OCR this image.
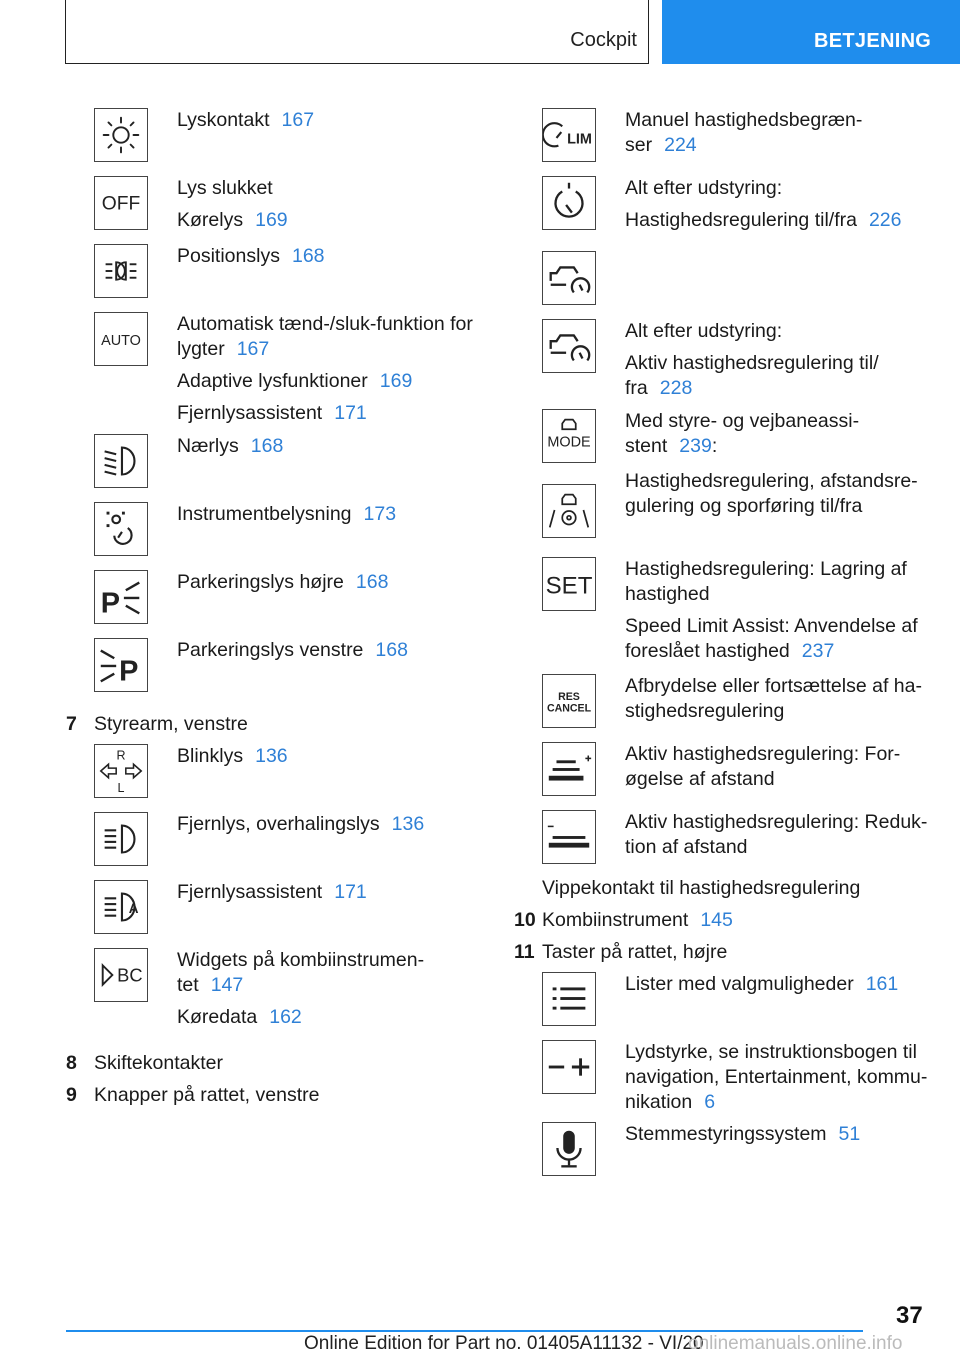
Cockpit	BETJENING
Lyskontakt 167
OFF
Lys slukket
Kørelys 169
Positionslys 168
AUTO
Automatisk tænd-/sluk-funktion for
lygter 167
Adaptive lysfunktioner 169
Fjernlysassistent 171
Nærlys 168
Instrumentbelysning 173
P
Parkeringslys højre 168
P
Parkeringslys venstre 168
7 Styrearm, venstre
R
L
Blinklys 136
Fjernlys, overhalingslys 136
A
Fjernlysassistent 171
BC
Widgets på kombiinstrumen-
tet 147
Køredata 162
8 Skiftekontakter
9 Knapper på rattet, venstre
LIM
Manuel hastighedsbegræn-
ser 224
Alt efter udstyring:
Hastighedsregulering til/fra 226
Alt efter udstyring:
Aktiv hastighedsregulering til/
fra 228
MODE
Med styre- og vejbaneassi-
stent 239:
Hastighedsregulering, afstandsre-
gulering og sporføring til/fra
SET
Hastighedsregulering: Lagring af
hastighed
Speed Limit Assist: Anvendelse af
foreslået hastighed 237
RES
CANCEL
Afbrydelse eller fortsættelse af ha-
stighedsregulering
Aktiv hastighedsregulering: For-
øgelse af afstand
Aktiv hastighedsregulering: Reduk-
tion af afstand
Vippekontakt til hastighedsregulering
10 Kombiinstrument 145
11 Taster på rattet, højre
Lister med valgmuligheder 161
Lydstyrke, se instruktionsbogen til
navigation, Entertainment, kommu-
nikation 6
Stemmestyringssystem 51
37
Online Edition for Part no. 01405A11132 - VI/20
onlinemanuals.online.info
